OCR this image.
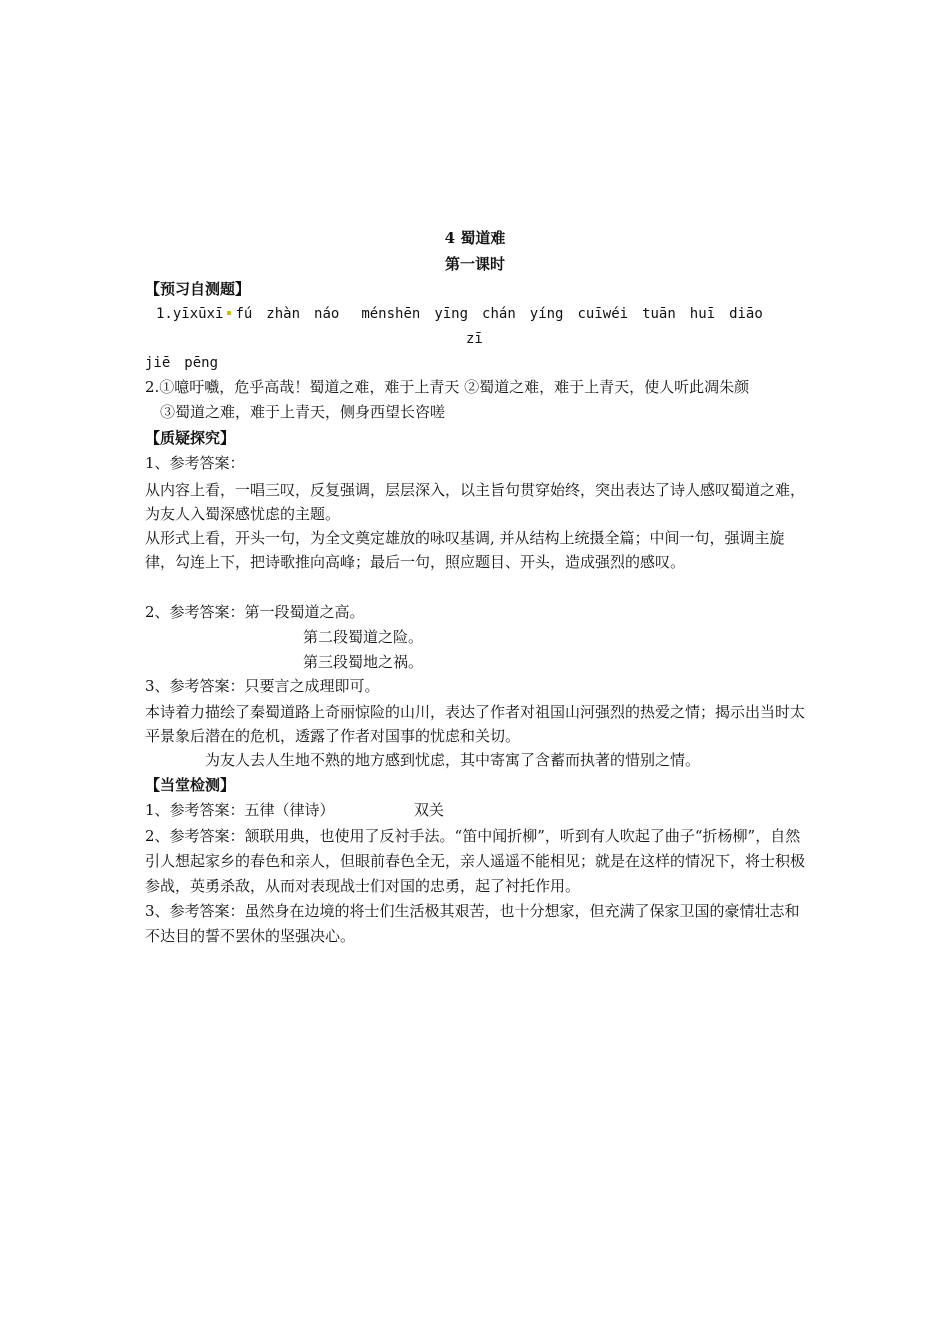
4 蜀道难
第一课时
【预习自测题】
1.yīxūxī fú zhàn náo ménshēn yīng chán yíng cuīwéi tuān huī diāo
zī
jiē pēng
2.①噫吁嚱，危乎高哉！蜀道之难，难于上青天 ②蜀道之难，难于上青天，使人听此凋朱颜
③蜀道之难，难于上青天，侧身西望长咨嗟
【质疑探究】
1、参考答案：
从内容上看，一唱三叹，反复强调，层层深入，以主旨句贯穿始终，突出表达了诗人感叹蜀道之难，为友人入蜀深感忧虑的主题。
从形式上看，开头一句，为全文奠定雄放的咏叹基调, 并从结构上统摄全篇；中间一句，强调主旋律，勾连上下，把诗歌推向高峰；最后一句，照应题目、开头，造成强烈的感叹。
2、参考答案：第一段蜀道之高。
第二段蜀道之险。
第三段蜀地之祸。
3、参考答案：只要言之成理即可。
本诗着力描绘了秦蜀道路上奇丽惊险的山川，表达了作者对祖国山河强烈的热爱之情；揭示出当时太平景象后潜在的危机，透露了作者对国事的忧虑和关切。
为友人去人生地不熟的地方感到忧虑，其中寄寓了含蓄而执著的惜别之情。
【当堂检测】
1、参考答案：五律（律诗）	双关
2、参考答案：颔联用典，也使用了反衬手法。“笛中闻折柳”，听到有人吹起了曲子“折杨柳”，自然引人想起家乡的春色和亲人，但眼前春色全无，亲人遥遥不能相见；就是在这样的情况下，将士积极参战，英勇杀敌，从而对表现战士们对国的忠勇，起了衬托作用。
3、参考答案：虽然身在边境的将士们生活极其艰苦，也十分想家，但充满了保家卫国的豪情壮志和不达目的誓不罢休的坚强决心。
